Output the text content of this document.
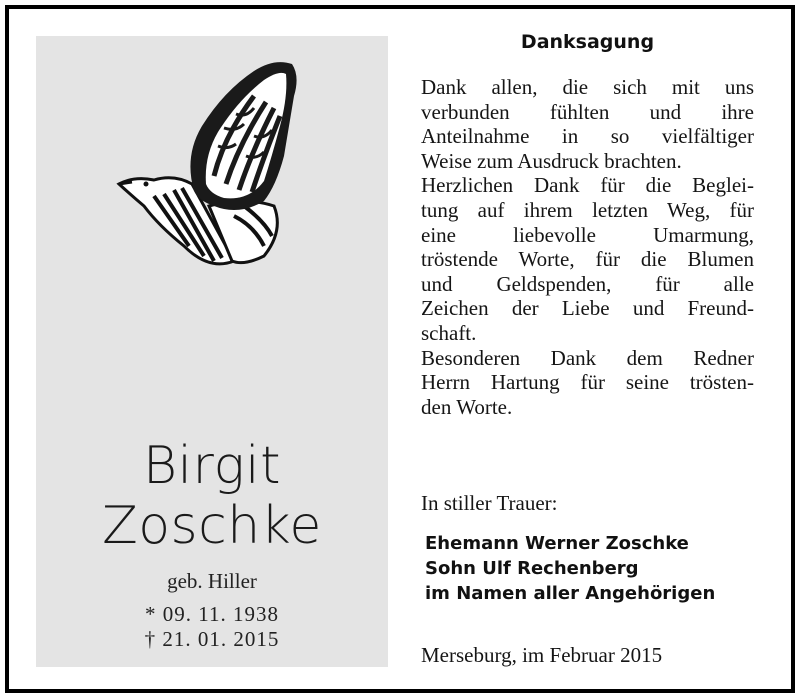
Birgit
Zoschke
geb. Hiller
* 09. 11. 1938
† 21. 01. 2015
Danksagung
Dank allen, die sich mit uns
verbunden fühlten und ihre
Anteilnahme in so vielfältiger
Weise zum Ausdruck brachten.
Herzlichen Dank für die Beglei-
tung auf ihrem letzten Weg, für
eine liebevolle Umarmung,
tröstende Worte, für die Blumen
und Geldspenden, für alle
Zeichen der Liebe und Freund-
schaft.
Besonderen Dank dem Redner
Herrn Hartung für seine trösten-
den Worte.
In stiller Trauer:
Ehemann Werner Zoschke
Sohn Ulf Rechenberg
im Namen aller Angehörigen
Merseburg, im Februar 2015
